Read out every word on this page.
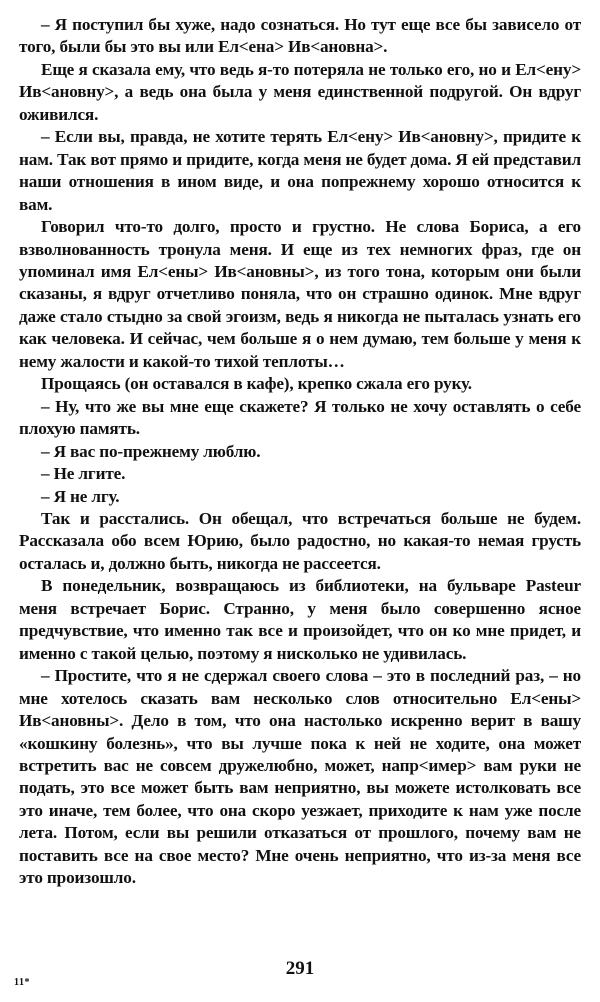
– Я поступил бы хуже, надо сознаться. Но тут еще все бы зависело от того, были бы это вы или Ел<ена> Ив<ановна>.

Еще я сказала ему, что ведь я-то потеряла не только его, но и Ел<ену> Ив<ановну>, а ведь она была у меня единственной подругой. Он вдруг оживился.

– Если вы, правда, не хотите терять Ел<ену> Ив<ановну>, придите к нам. Так вот прямо и придите, когда меня не будет дома. Я ей представил наши отношения в ином виде, и она попрежнему хорошо относится к вам.

Говорил что-то долго, просто и грустно. Не слова Бориса, а его взволнованность тронула меня. И еще из тех немногих фраз, где он упоминал имя Ел<ены> Ив<ановны>, из того тона, которым они были сказаны, я вдруг отчетливо поняла, что он страшно одинок. Мне вдруг даже стало стыдно за свой эгоизм, ведь я никогда не пыталась узнать его как человека. И сейчас, чем больше я о нем думаю, тем больше у меня к нему жалости и какой-то тихой теплоты…

Прощаясь (он оставался в кафе), крепко сжала его руку.

– Ну, что же вы мне еще скажете? Я только не хочу оставлять о себе плохую память.

– Я вас по-прежнему люблю.

– Не лгите.

– Я не лгу.

Так и расстались. Он обещал, что встречаться больше не будем. Рассказала обо всем Юрию, было радостно, но какая-то немая грусть осталась и, должно быть, никогда не рассеется.

В понедельник, возвращаюсь из библиотеки, на бульваре Pasteur меня встречает Борис. Странно, у меня было совершенно ясное предчувствие, что именно так все и произойдет, что он ко мне придет, и именно с такой целью, поэтому я нисколько не удивилась.

– Простите, что я не сдержал своего слова – это в последний раз, – но мне хотелось сказать вам несколько слов относительно Ел<ены> Ив<ановны>. Дело в том, что она настолько искренно верит в вашу «кошкину болезнь», что вы лучше пока к ней не ходите, она может встретить вас не совсем дружелюбно, может, напр<имер> вам руки не подать, это все может быть вам неприятно, вы можете истолковать все это иначе, тем более, что она скоро уезжает, приходите к нам уже после лета. Потом, если вы решили отказаться от прошлого, почему вам не поставить все на свое место? Мне очень неприятно, что из-за меня все это произошло.

291
11*
